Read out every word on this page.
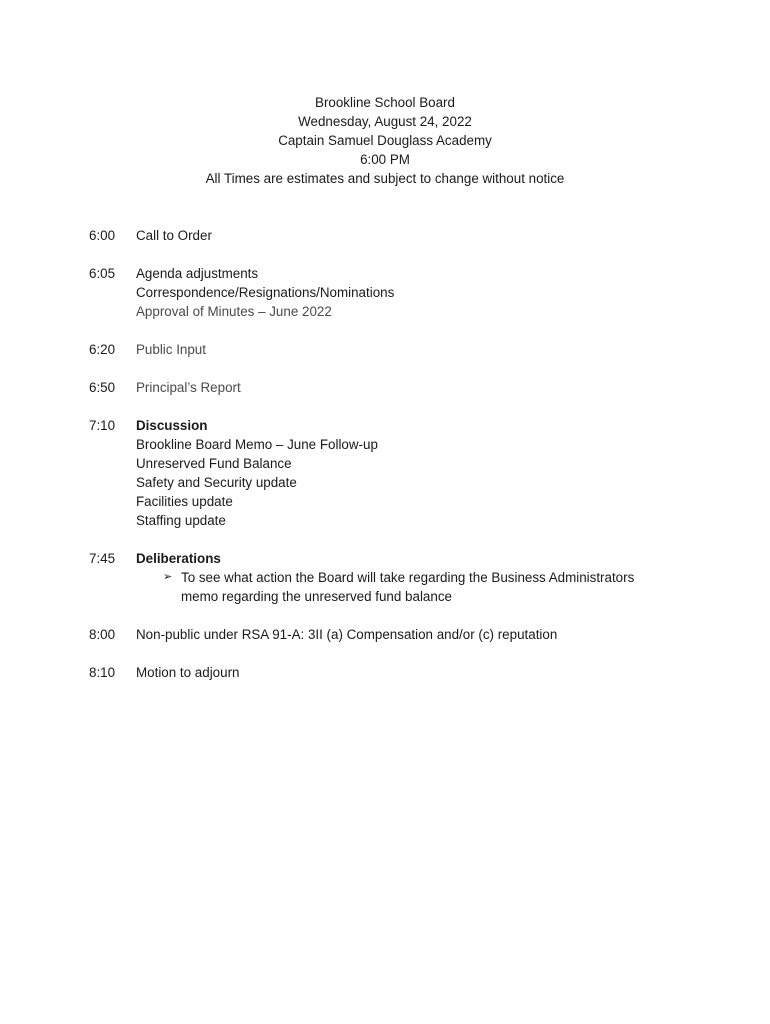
Brookline School Board
Wednesday, August 24, 2022
Captain Samuel Douglass Academy
6:00 PM
All Times are estimates and subject to change without notice
6:00	Call to Order
6:05	Agenda adjustments
Correspondence/Resignations/Nominations
Approval of Minutes – June 2022
6:20	Public Input
6:50	Principal’s Report
7:10	Discussion
Brookline Board Memo – June Follow-up
Unreserved Fund Balance
Safety and Security update
Facilities update
Staffing update
7:45	Deliberations
➢ To see what action the Board will take regarding the Business Administrators
memo regarding the unreserved fund balance
8:00	Non-public under RSA 91-A: 3II (a) Compensation and/or (c) reputation
8:10	Motion to adjourn
